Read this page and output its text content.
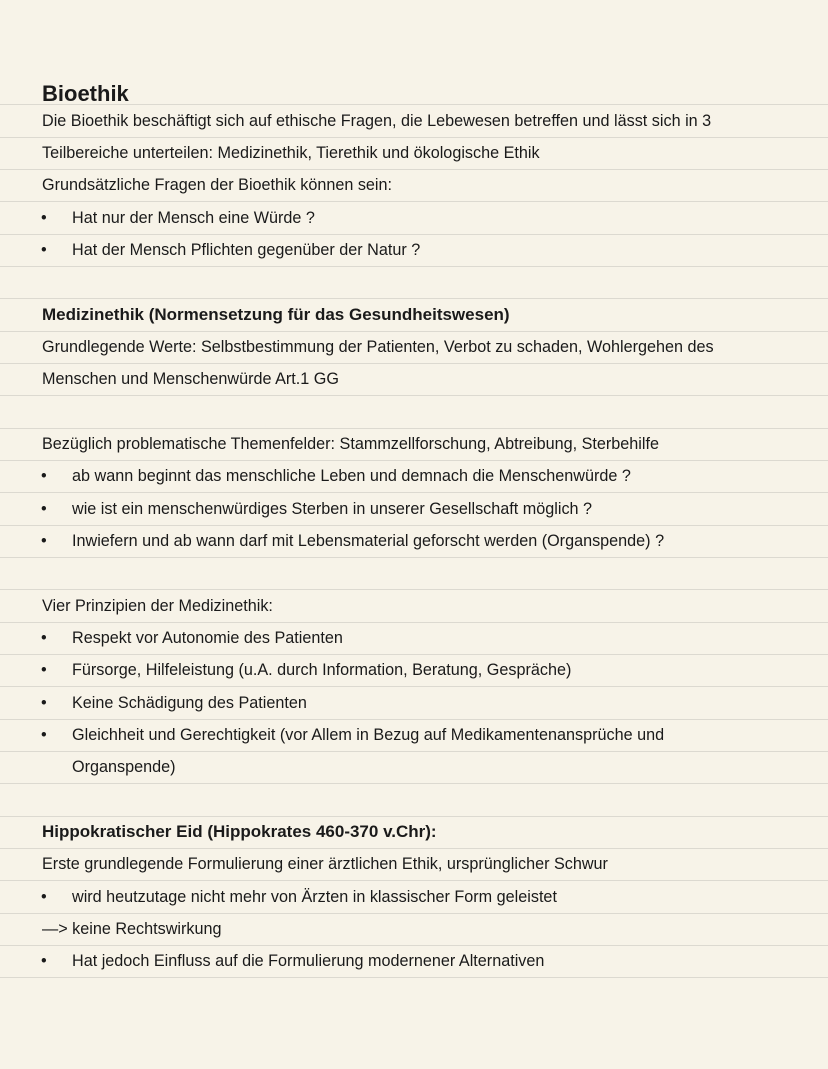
Bioethik
Die Bioethik beschäftigt sich auf ethische Fragen, die Lebewesen betreffen und lässt sich in 3
Teilbereiche unterteilen: Medizinethik, Tierethik und ökologische Ethik
Grundsätzliche Fragen der Bioethik können sein:
• Hat nur der Mensch eine Würde ?
• Hat der Mensch Pflichten gegenüber der Natur ?
Medizinethik (Normensetzung für das Gesundheitswesen)
Grundlegende Werte: Selbstbestimmung der Patienten, Verbot zu schaden, Wohlergehen des
Menschen und Menschenwürde Art.1 GG
Bezüglich problematische Themenfelder: Stammzellforschung, Abtreibung, Sterbehilfe
• ab wann beginnt das menschliche Leben und demnach die Menschenwürde ?
• wie ist ein menschenwürdiges Sterben in unserer Gesellschaft möglich ?
• Inwiefern und ab wann darf mit Lebensmaterial geforscht werden (Organspende) ?
Vier Prinzipien der Medizinethik:
• Respekt vor Autonomie des Patienten
• Fürsorge, Hilfeleistung (u.A. durch Information, Beratung, Gespräche)
• Keine Schädigung des Patienten
• Gleichheit und Gerechtigkeit (vor Allem in Bezug auf Medikamentenansprüche und
Organspende)
Hippokratischer Eid (Hippokrates 460-370 v.Chr):
Erste grundlegende Formulierung einer ärztlichen Ethik, ursprünglicher Schwur
• wird heutzutage nicht mehr von Ärzten in klassischer Form geleistet
—> keine Rechtswirkung
• Hat jedoch Einfluss auf die Formulierung modernener Alternativen
